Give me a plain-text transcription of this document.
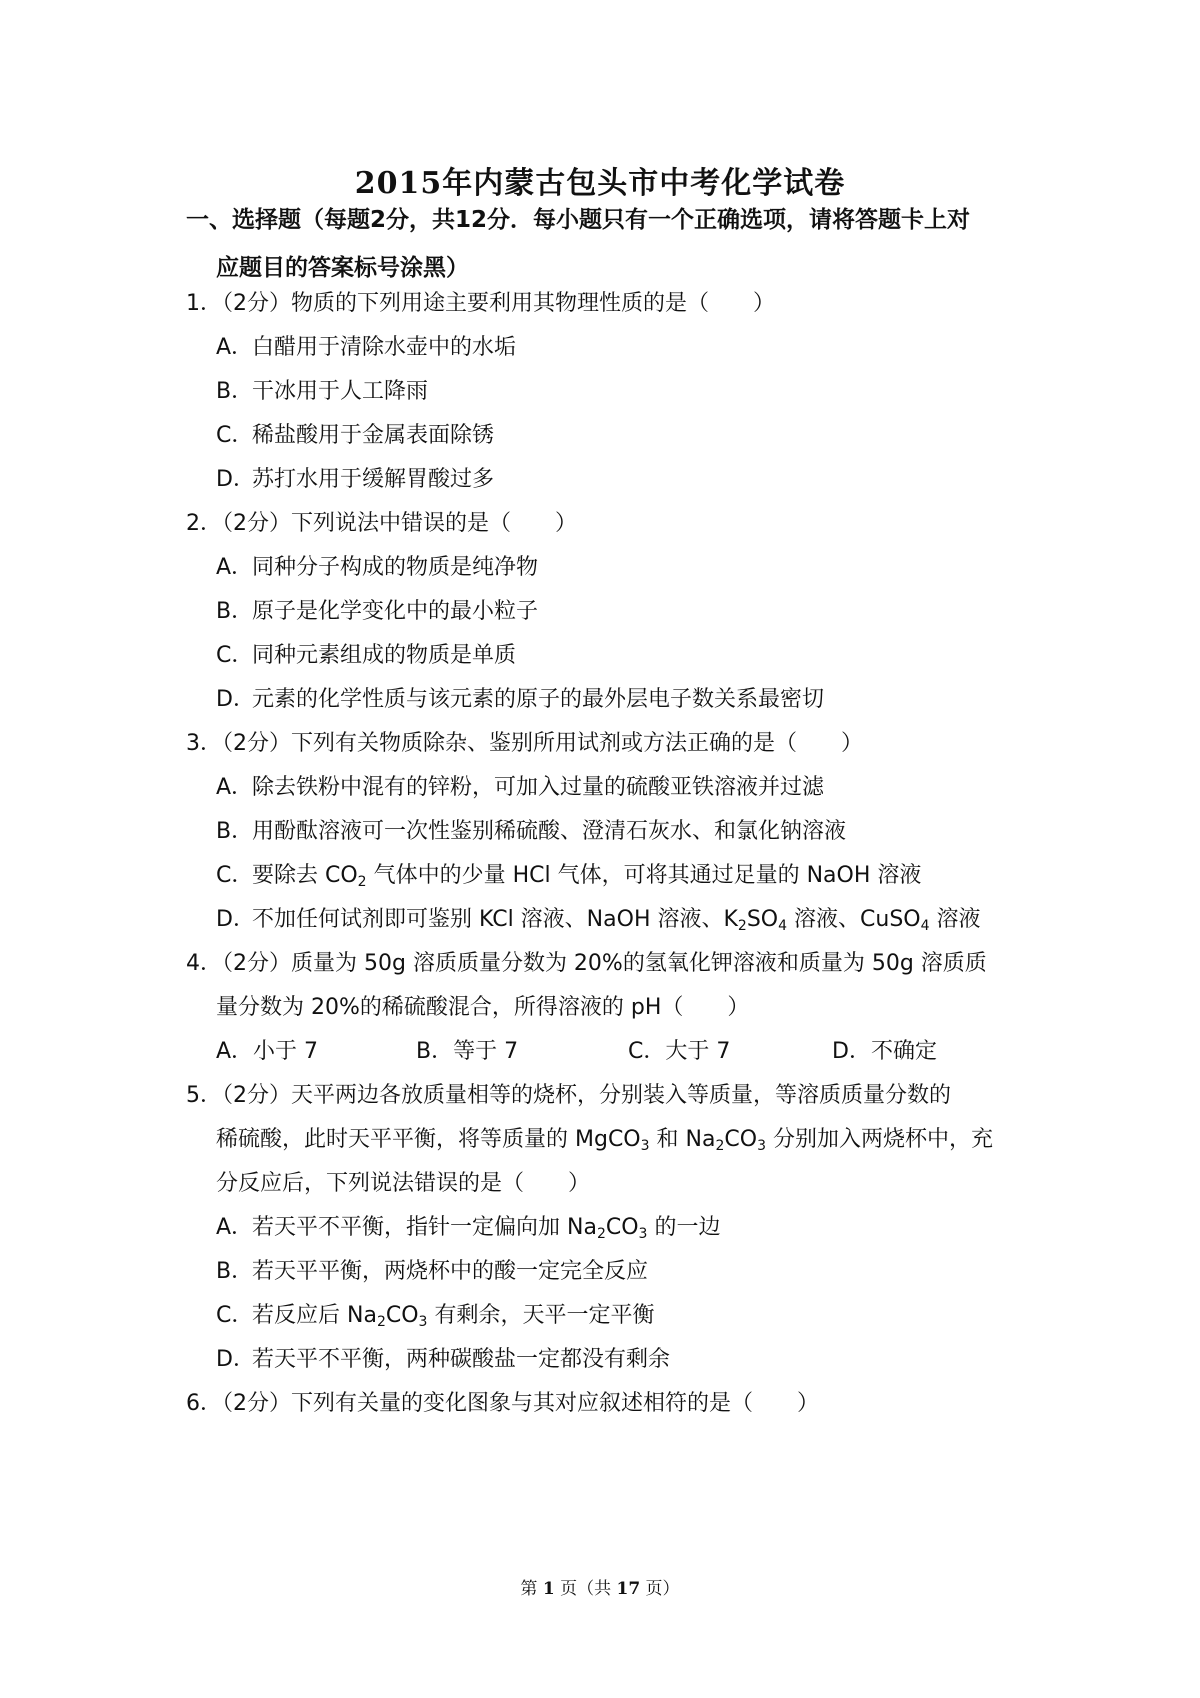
2015年内蒙古包头市中考化学试卷
一、选择题（每题2分，共12分．每小题只有一个正确选项，请将答题卡上对
应题目的答案标号涂黑）
1．（2分）物质的下列用途主要利用其物理性质的是（　　）
A．白醋用于清除水壶中的水垢
B．干冰用于人工降雨
C．稀盐酸用于金属表面除锈
D．苏打水用于缓解胃酸过多
2．（2分）下列说法中错误的是（　　）
A．同种分子构成的物质是纯净物
B．原子是化学变化中的最小粒子
C．同种元素组成的物质是单质
D．元素的化学性质与该元素的原子的最外层电子数关系最密切
3．（2分）下列有关物质除杂、鉴别所用试剂或方法正确的是（　　）
A．除去铁粉中混有的锌粉，可加入过量的硫酸亚铁溶液并过滤
B．用酚酞溶液可一次性鉴别稀硫酸、澄清石灰水、和氯化钠溶液
C．要除去 $CO_2$ 气体中的少量 HCl 气体，可将其通过足量的 NaOH 溶液
D．不加任何试剂即可鉴别 KCl 溶液、NaOH 溶液、$K_2SO_4$ 溶液、CuSO$_4$ 溶液
4．（2分）质量为 50g 溶质质量分数为 20%的氢氧化钾溶液和质量为 50g 溶质质
量分数为 20%的稀硫酸混合，所得溶液的 pH（　　）
A．小于 7	B．等于 7	C．大于 7	D．不确定
5．（2分）天平两边各放质量相等的烧杯，分别装入等质量，等溶质质量分数的
稀硫酸，此时天平平衡，将等质量的 MgCO$_3$ 和 $Na_2CO_3$ 分别加入两烧杯中，充
分反应后，下列说法错误的是（　　）
A．若天平不平衡，指针一定偏向加 $Na_2CO_3$ 的一边
B．若天平平衡，两烧杯中的酸一定完全反应
C．若反应后 $Na_2CO_3$ 有剩余，天平一定平衡
D．若天平不平衡，两种碳酸盐一定都没有剩余
6．（2分）下列有关量的变化图象与其对应叙述相符的是（　　）
第 1 页（共 17 页）
